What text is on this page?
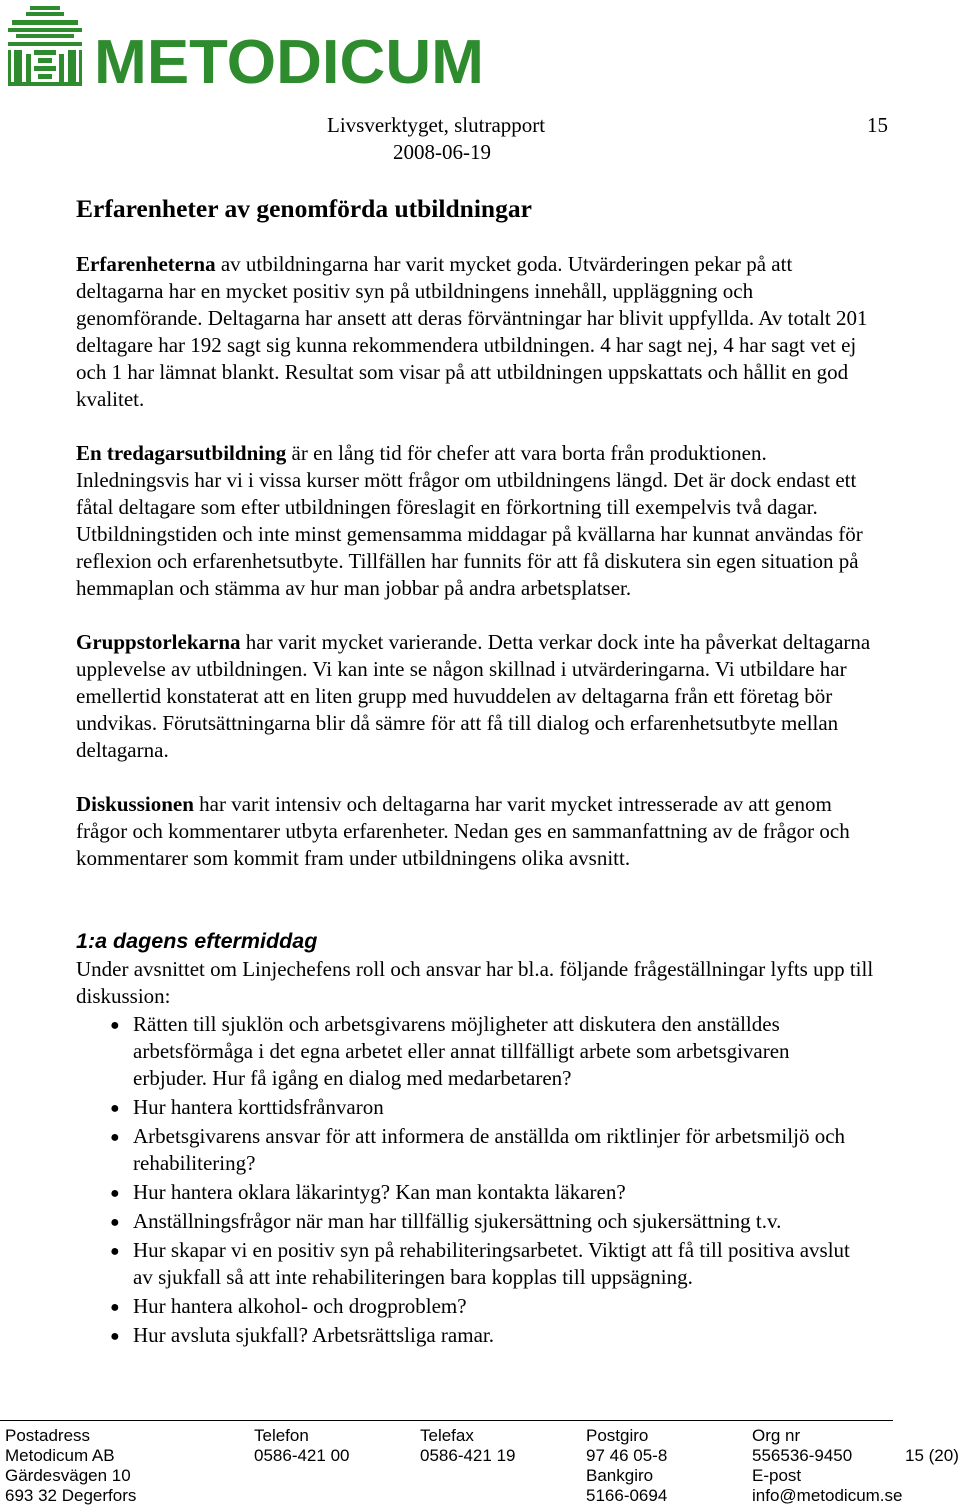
METODICUM
Livsverktyget, slutrapport
2008-06-19
15
Erfarenheter av genomförda utbildningar

Erfarenheterna av utbildningarna har varit mycket goda. Utvärderingen pekar på att deltagarna har en mycket positiv syn på utbildningens innehåll, uppläggning och genomförande. Deltagarna har ansett att deras förväntningar har blivit uppfyllda. Av totalt 201 deltagare har 192 sagt sig kunna rekommendera utbildningen. 4 har sagt nej, 4 har sagt vet ej och 1 har lämnat blankt. Resultat som visar på att utbildningen uppskattats och hållit en god kvalitet.

En tredagarsutbildning är en lång tid för chefer att vara borta från produktionen. Inledningsvis har vi i vissa kurser mött frågor om utbildningens längd. Det är dock endast ett fåtal deltagare som efter utbildningen föreslagit en förkortning till exempelvis två dagar. Utbildningstiden och inte minst gemensamma middagar på kvällarna har kunnat användas för reflexion och erfarenhetsutbyte. Tillfällen har funnits för att få diskutera sin egen situation på hemmaplan och stämma av hur man jobbar på andra arbetsplatser.

Gruppstorlekarna har varit mycket varierande. Detta verkar dock inte ha påverkat deltagarna upplevelse av utbildningen. Vi kan inte se någon skillnad i utvärderingarna. Vi utbildare har emellertid konstaterat att en liten grupp med huvuddelen av deltagarna från ett företag bör undvikas. Förutsättningarna blir då sämre för att få till dialog och erfarenhetsutbyte mellan deltagarna.

Diskussionen har varit intensiv och deltagarna har varit mycket intresserade av att genom frågor och kommentarer utbyta erfarenheter. Nedan ges en sammanfattning av de frågor och kommentarer som kommit fram under utbildningens olika avsnitt.

1:a dagens eftermiddag

Under avsnittet om Linjechefens roll och ansvar har bl.a. följande frågeställningar lyfts upp till diskussion:

● Rätten till sjuklön och arbetsgivarens möjligheter att diskutera den anställdes arbetsförmåga i det egna arbetet eller annat tillfälligt arbete som arbetsgivaren erbjuder. Hur få igång en dialog med medarbetaren?
● Hur hantera korttidsfrånvaron
● Arbetsgivarens ansvar för att informera de anställda om riktlinjer för arbetsmiljö och rehabilitering?
● Hur hantera oklara läkarintyg? Kan man kontakta läkaren?
● Anställningsfrågor när man har tillfällig sjukersättning och sjukersättning t.v.
● Hur skapar vi en positiv syn på rehabiliteringsarbetet. Viktigt att få till positiva avslut av sjukfall så att inte rehabiliteringen bara kopplas till uppsägning.
● Hur hantera alkohol- och drogproblem?
● Hur avsluta sjukfall? Arbetsrättsliga ramar.
Postadress
Metodicum AB
Gärdesvägen 10
693 32 Degerfors
Telefon
0586-421 00
Telefax
0586-421 19
Postgiro
97 46 05-8
Bankgiro
5166-0694
Org nr
556536-9450
E-post
info@metodicum.se
15 (20)
